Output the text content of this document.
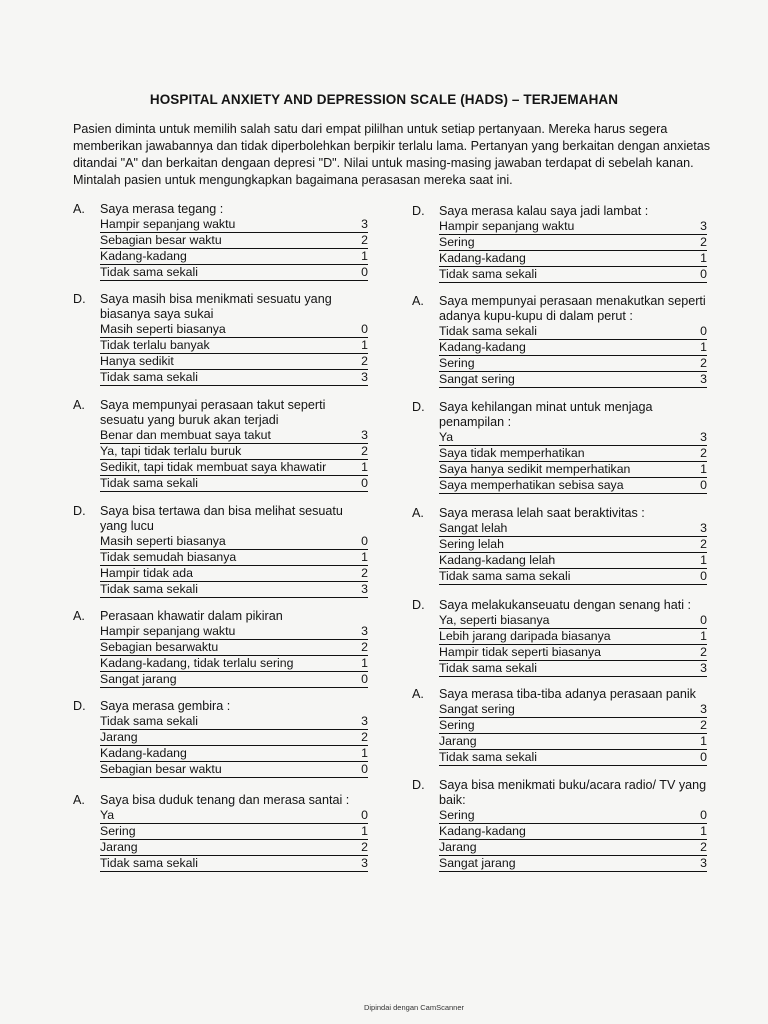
HOSPITAL ANXIETY AND DEPRESSION SCALE (HADS) – TERJEMAHAN

Pasien diminta untuk memilih salah satu dari empat pililhan untuk setiap pertanyaan. Mereka harus segera memberikan jawabannya dan tidak diperbolehkan berpikir terlalu lama. Pertanyan yang berkaitan dengan anxietas ditandai "A" dan berkaitan dengaan depresi "D". Nilai untuk masing-masing jawaban terdapat di sebelah kanan. Mintalah pasien untuk mengungkapkan bagaimana perasasan mereka saat ini.

A. Saya merasa tegang :
Hampir sepanjang waktu	3
Sebagian besar waktu	2
Kadang-kadang	1
Tidak sama sekali	0
D. Saya masih bisa menikmati sesuatu yang biasanya saya sukai
Masih seperti biasanya	0
Tidak terlalu banyak	1
Hanya sedikit	2
Tidak sama sekali	3
A. Saya mempunyai perasaan takut seperti sesuatu yang buruk akan terjadi
Benar dan membuat saya takut	3
Ya, tapi tidak terlalu buruk	2
Sedikit, tapi tidak membuat saya khawatir	1
Tidak sama sekali	0
D. Saya bisa tertawa dan bisa melihat sesuatu yang lucu
Masih seperti biasanya	0
Tidak semudah biasanya	1
Hampir tidak ada	2
Tidak sama sekali	3
A. Perasaan khawatir dalam pikiran
Hampir sepanjang waktu	3
Sebagian besarwaktu	2
Kadang-kadang, tidak terlalu sering	1
Sangat jarang	0
D. Saya merasa gembira :
Tidak sama sekali	3
Jarang	2
Kadang-kadang	1
Sebagian besar waktu	0
A. Saya bisa duduk tenang dan merasa santai :
Ya	0
Sering	1
Jarang	2
Tidak sama sekali	3
D. Saya merasa kalau saya jadi lambat :
Hampir sepanjang waktu	3
Sering	2
Kadang-kadang	1
Tidak sama sekali	0
A. Saya mempunyai perasaan menakutkan seperti adanya kupu-kupu di dalam perut :
Tidak sama sekali	0
Kadang-kadang	1
Sering	2
Sangat sering	3
D. Saya kehilangan minat untuk menjaga penampilan :
Ya	3
Saya tidak memperhatikan	2
Saya hanya sedikit memperhatikan	1
Saya memperhatikan sebisa saya	0
A. Saya merasa lelah saat beraktivitas :
Sangat lelah	3
Sering lelah	2
Kadang-kadang lelah	1
Tidak sama sama sekali	0
D. Saya melakukanseuatu dengan senang hati :
Ya, seperti biasanya	0
Lebih jarang daripada biasanya	1
Hampir tidak seperti biasanya	2
Tidak sama sekali	3
A. Saya merasa tiba-tiba adanya perasaan panik
Sangat sering	3
Sering	2
Jarang	1
Tidak sama sekali	0
D. Saya bisa menikmati buku/acara radio/ TV yang baik:
Sering	0
Kadang-kadang	1
Jarang	2
Sangat jarang	3
Dipindai dengan CamScanner
